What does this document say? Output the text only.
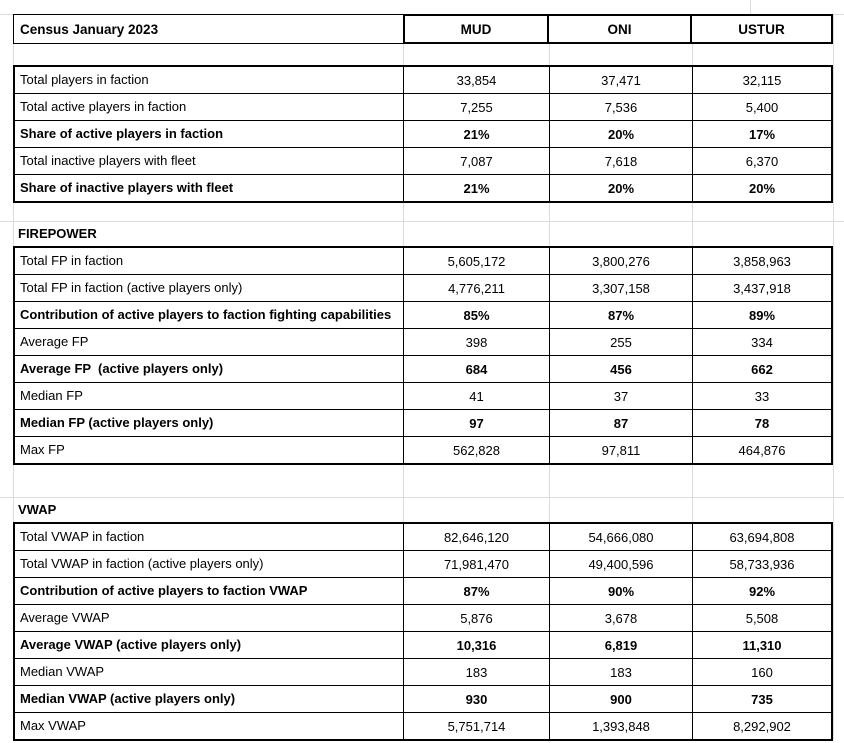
Census January 2023	MUD	ONI	USTUR
Total players in faction	33,854	37,471	32,115
Total active players in faction	7,255	7,536	5,400
Share of active players in faction	21%	20%	17%
Total inactive players with fleet	7,087	7,618	6,370
Share of inactive players with fleet	21%	20%	20%
FIREPOWER
Total FP in faction	5,605,172	3,800,276	3,858,963
Total FP in faction (active players only)	4,776,211	3,307,158	3,437,918
Contribution of active players to faction fighting capabilities	85%	87%	89%
Average FP	398	255	334
Average FP  (active players only)	684	456	662
Median FP	41	37	33
Median FP (active players only)	97	87	78
Max FP	562,828	97,811	464,876
VWAP
Total VWAP in faction	82,646,120	54,666,080	63,694,808
Total VWAP in faction (active players only)	71,981,470	49,400,596	58,733,936
Contribution of active players to faction VWAP	87%	90%	92%
Average VWAP	5,876	3,678	5,508
Average VWAP (active players only)	10,316	6,819	11,310
Median VWAP	183	183	160
Median VWAP (active players only)	930	900	735
Max VWAP	5,751,714	1,393,848	8,292,902
